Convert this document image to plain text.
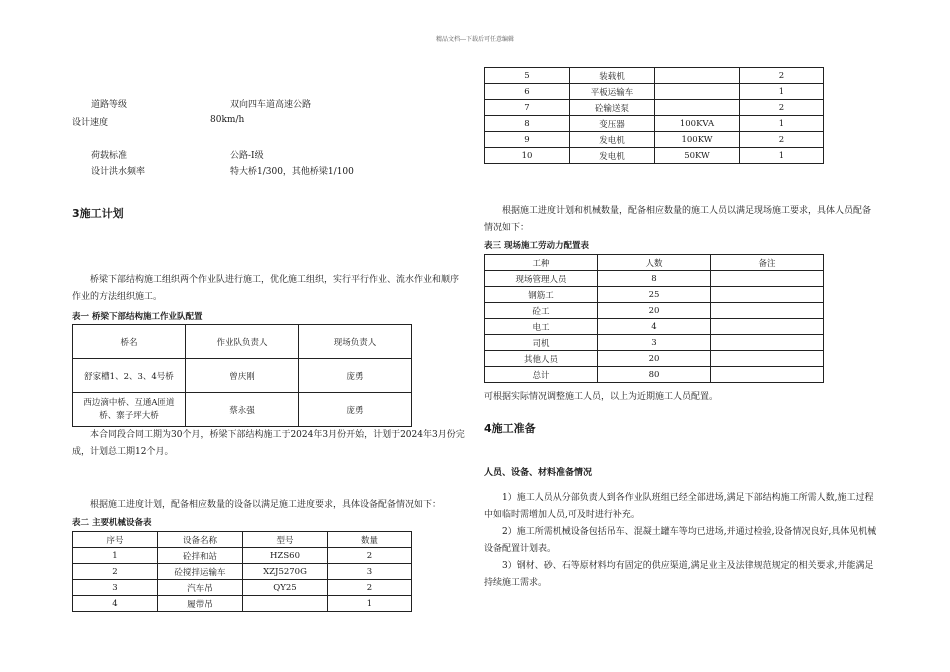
精品文档---下载后可任意编辑
道路等级	双向四车道高速公路
设计速度	80km/h
荷载标准	公路-Ⅰ级
设计洪水频率	特大桥1/300，其他桥梁1/100
3施工计划
桥梁下部结构施工组织两个作业队进行施工，优化施工组织，实行平行作业、流水作业和顺序作业的方法组织施工。
表一 桥梁下部结构施工作业队配置
桥名	作业队负责人	现场负责人
舒家槽1、2、3、4号桥	曾庆刚	庞勇
西边滴中桥、互通A匝道桥、寨子坪大桥	蔡永强	庞勇
本合同段合同工期为30个月，桥梁下部结构施工于2024年3月份开始，计划于2024年3月份完成，计划总工期12个月。
根据施工进度计划，配备相应数量的设备以满足施工进度要求，具体设备配备情况如下：
表二 主要机械设备表
序号	设备名称	型号	数量
1	砼拌和站	HZS60	2
2	砼搅拌运输车	XZJ5270G	3
3	汽车吊	QY25	2
4	履带吊		1
5	装载机		2
6	平板运输车		1
7	砼输送泵		2
8	变压器	100KVA	1
9	发电机	100KW	2
10	发电机	50KW	1
根据施工进度计划和机械数量，配备相应数量的施工人员以满足现场施工要求，具体人员配备情况如下：
表三 现场施工劳动力配置表
工种	人数	备注
现场管理人员	8	
钢筋工	25	
砼工	20	
电工	4	
司机	3	
其他人员	20	
总计	80	
可根据实际情况调整施工人员，以上为近期施工人员配置。
4施工准备
人员、设备、材料准备情况
1）施工人员从分部负责人到各作业队班组已经全部进场,满足下部结构施工所需人数,施工过程中如临时需增加人员,可及时进行补充。
2）施工所需机械设备包括吊车、混凝土罐车等均已进场,并通过检验,设备情况良好,具体见机械设备配置计划表。
3）钢材、砂、石等原材料均有固定的供应渠道,满足业主及法律规范规定的相关要求,并能满足持续施工需求。
